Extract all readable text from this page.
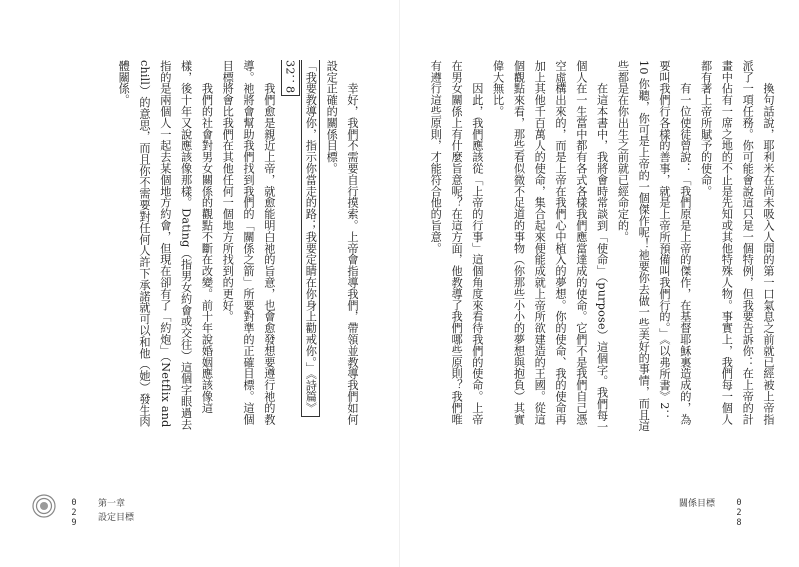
　　幸好，我們不需要自行摸索。上帝會指導我們，帶領並教導我們如何設定正確的關係目標。
「我要教導你，指示你當走的路；我要定睛在你身上勸戒你。」《詩篇》32：8
　　我們愈是親近上帝，就愈能明白祂的旨意，也會愈發想要遵行祂的教導。祂將會幫助我們找到我們的「關係之箭」所要對準的正確目標。這個目標將會比我們在其他任何一個地方所找到的更好。
　　我們的社會對男女關係的觀點不斷在改變。前十年說婚姻應該像這樣，後十年又說應該像那樣。Dating（指男女約會或交往）這個字眼過去指的是兩個人一起去某個地方約會，但現在卻有了「約炮」（Netflix and chill）的意思，而且你不需要對任何人許下承諾就可以和他（她）發生肉體關係。
029 第一章
設定目標
　　換句話說，耶利米在尚未吸入人間的第一口氣息之前就已經被上帝指派了一項任務。你可能會說這只是一個特例，但我要告訴你：在上帝的計畫中佔有一席之地的不止是先知或其他特殊人物。事實上，我們每一個人都有著上帝所賦予的使命。
　　有一位使徒曾說：「我們原是上帝的傑作，在基督耶穌裏造成的，為要叫我們行各樣的善事，就是上帝所預備叫我們行的。」《以弗所書》2：10 你聽，你可是上帝的一個傑作呢！祂要你去做一些美好的事情，而且這些都是在你出生之前就已經命定的。
　　在這本書中，我將會時常談到「使命」（purpose）這個字。我們每一個人在一生當中都有各式各樣我們應當達成的使命。它們不是我們自己憑空虛構出來的，而是上帝在我們心中植入的夢想。你的使命、我的使命再加上其他千百萬人的使命，集合起來便能成就上帝所欲建造的王國。從這個觀點來看，那些看似微不足道的事物（你那些小小的夢想與抱負）其實偉大無比。
　　因此，我們應該從「上帝的行事」這個角度來看待我們的使命。上帝在男女關係上有什麼旨意呢？在這方面，他教導了我們哪些原則？我們唯有遵行這些原則，才能符合他的旨意。
關係目標 028
